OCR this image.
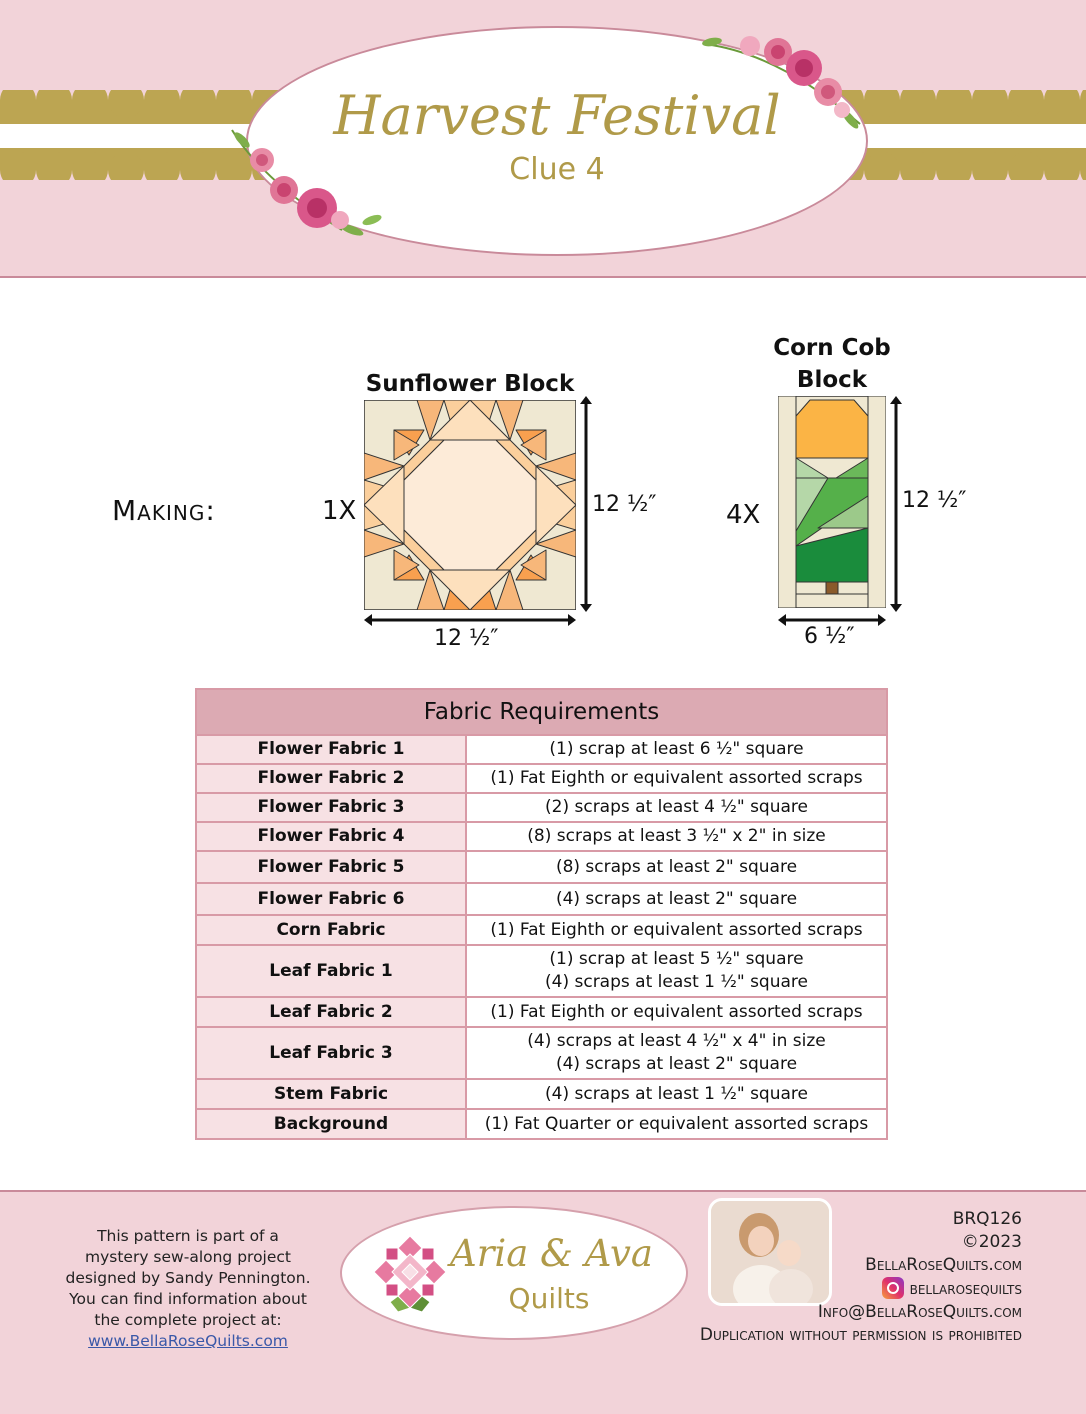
Harvest Festival
Clue 4
Making:	1X
Sunflower Block
12 ½″
12 ½″
4X
Corn Cob
Block
12 ½″
6 ½″
Fabric Requirements	
Flower Fabric 1	(1) scrap at least 6 ½" square

Flower Fabric 2	(1) Fat Eighth or equivalent assorted scraps

Flower Fabric 3	(2) scraps at least 4 ½" square

Flower Fabric 4	(8) scraps at least 3 ½" x 2" in size

Flower Fabric 5	(8) scraps at least 2" square

Flower Fabric 6	(4) scraps at least 2" square

Corn Fabric	(1) Fat Eighth or equivalent assorted scraps

Leaf Fabric 1	(1) scrap at least 5 ½" square
(4) scraps at least 1 ½" square

Leaf Fabric 2	(1) Fat Eighth or equivalent assorted scraps

Leaf Fabric 3	(4) scraps at least 4 ½" x 4" in size
(4) scraps at least 2" square

Stem Fabric	(4) scraps at least 1 ½" square

Background	(1) Fat Quarter or equivalent assorted scraps
This pattern is part of a
mystery sew-along project
designed by Sandy Pennington.
You can find information about
the complete project at:
www.BellaRoseQuilts.com
Aria & Ava
Quilts
BRQ126
©2023
BellaRoseQuilts.com
bellarosequilts
Info@BellaRoseQuilts.com
Duplication without permission is prohibited
